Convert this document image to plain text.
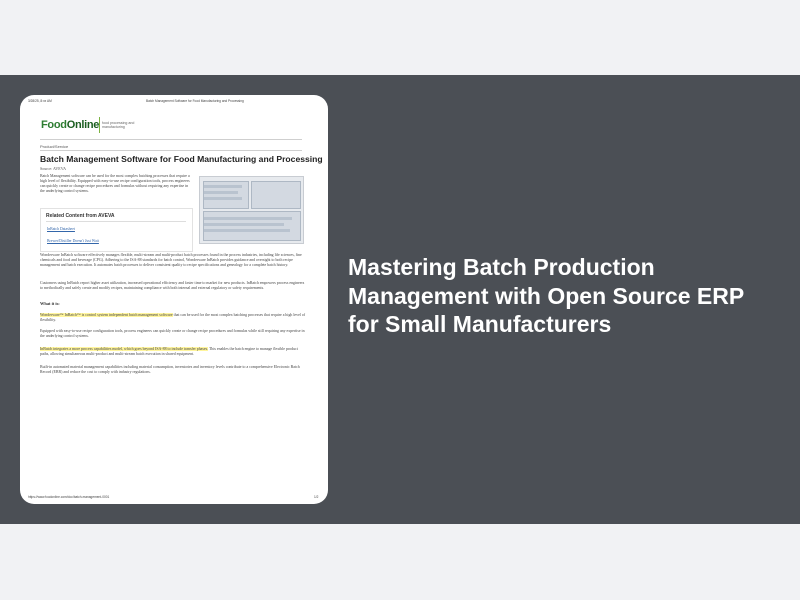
3/28/25, 8:xx AM	Batch Management Software for Food Manufacturing and Processing
FoodOnline food processing and manufacturing
Product/Service
Batch Management Software for Food Manufacturing and Processing
Source: AVEVA
Batch Management software can be used for the most complex batching processes that require a high level of flexibility. Equipped with easy-to-use recipe configuration tools, process engineers can quickly create or change recipe procedures and formulas without requiring any expertise in the underlying control systems.
Related Content from AVEVA
InBatch Datasheet
Brewer/Distiller Doesn't Just Wait
Wonderware InBatch software effectively manages flexible, multi-stream and multi-product batch processes found in the process industries, including life sciences, fine chemicals and food and beverage (CPG). Adhering to the ISA-88 standards for batch control, Wonderware InBatch provides guidance and oversight to both recipe management and batch execution. It automates batch processes to deliver consistent quality to recipe specifications and genealogy for a complete batch history.
Customers using InBatch report higher asset utilization, increased operational efficiency and faster time to market for new products. InBatch empowers process engineers to methodically and safely create and modify recipes, maintaining compliance with both internal and external regulatory or safety requirements.
What it is:
Wonderware™ InBatch™ is control system independent batch management software that can be used for the most complex batching processes that require a high level of flexibility.
Equipped with easy-to-use recipe configuration tools, process engineers can quickly create or change recipe procedures and formulas while still requiring any expertise in the underlying control systems.
InBatch integrates a more process capabilities model, which goes beyond ISA-88 to include transfer phases. This enables the batch engine to manage flexible product paths, allowing simultaneous multi-product and multi-stream batch execution in shared equipment.
Built-in automated material management capabilities including material consumption, inventories and inventory levels contribute to a comprehensive Electronic Batch Record (EBR) and reduce the cost to comply with industry regulations.
https://www.foodonline.com/doc/batch-management-0001	1/2
Mastering Batch Production Management with Open Source ERP for Small Manufacturers
